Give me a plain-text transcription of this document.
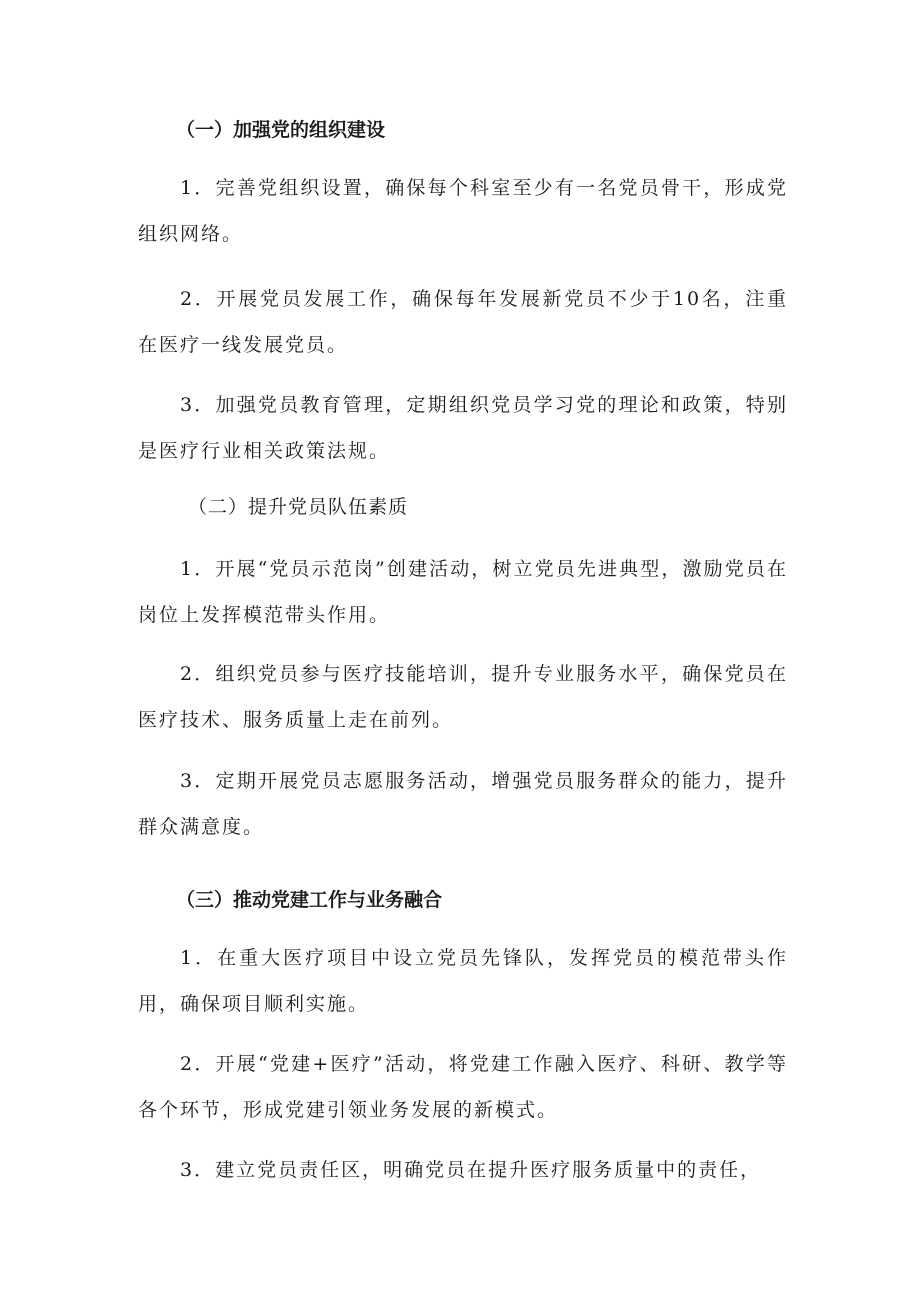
（一）加强党的组织建设

1．完善党组织设置，确保每个科室至少有一名党员骨干，形成党组织网络。

2．开展党员发展工作，确保每年发展新党员不少于10名，注重在医疗一线发展党员。

3．加强党员教育管理，定期组织党员学习党的理论和政策，特别是医疗行业相关政策法规。

（二）提升党员队伍素质

1．开展“党员示范岗”创建活动，树立党员先进典型，激励党员在岗位上发挥模范带头作用。

2．组织党员参与医疗技能培训，提升专业服务水平，确保党员在医疗技术、服务质量上走在前列。

3．定期开展党员志愿服务活动，增强党员服务群众的能力，提升群众满意度。

（三）推动党建工作与业务融合

1．在重大医疗项目中设立党员先锋队，发挥党员的模范带头作用，确保项目顺利实施。

2．开展“党建+医疗”活动，将党建工作融入医疗、科研、教学等各个环节，形成党建引领业务发展的新模式。

3．建立党员责任区，明确党员在提升医疗服务质量中的责任，
